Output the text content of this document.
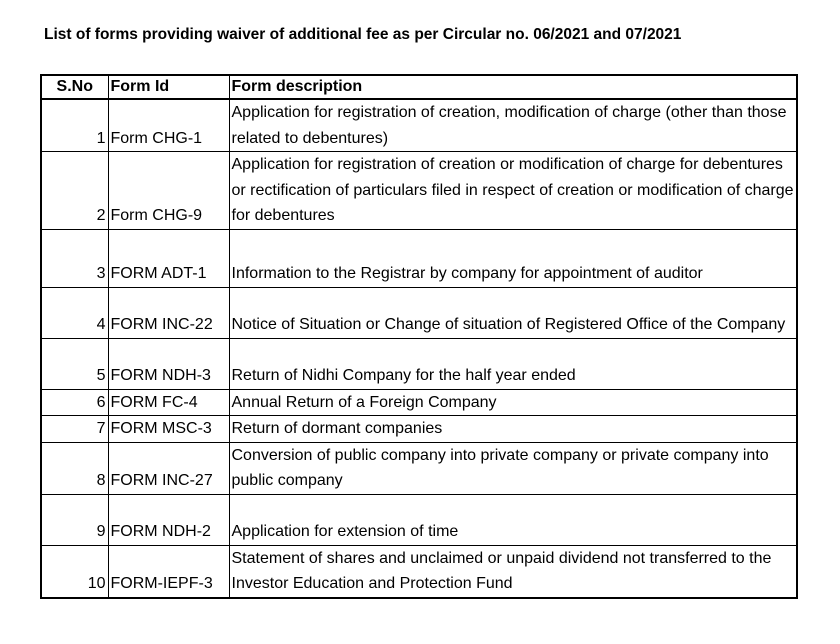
List of forms providing waiver of additional fee as per Circular no. 06/2021 and 07/2021
S.No	Form Id	Form description
1	Form CHG-1	Application for registration of creation, modification of charge (other than those related to debentures)
2	Form CHG-9	Application for registration of creation or modification of charge for debentures or rectification of particulars filed in respect of creation or modification of charge for debentures
3	FORM ADT-1	Information to the Registrar by company for appointment of auditor
4	FORM INC-22	Notice of Situation or Change of situation of Registered Office of the Company
5	FORM NDH-3	Return of Nidhi Company for the half year ended
6	FORM FC-4	Annual Return of a Foreign Company
7	FORM MSC-3	Return of dormant companies
8	FORM INC-27	Conversion of public company into private company or private company into public company
9	FORM NDH-2	Application for extension of time
10	FORM-IEPF-3	Statement of shares and unclaimed or unpaid dividend not transferred to the Investor Education and Protection Fund
